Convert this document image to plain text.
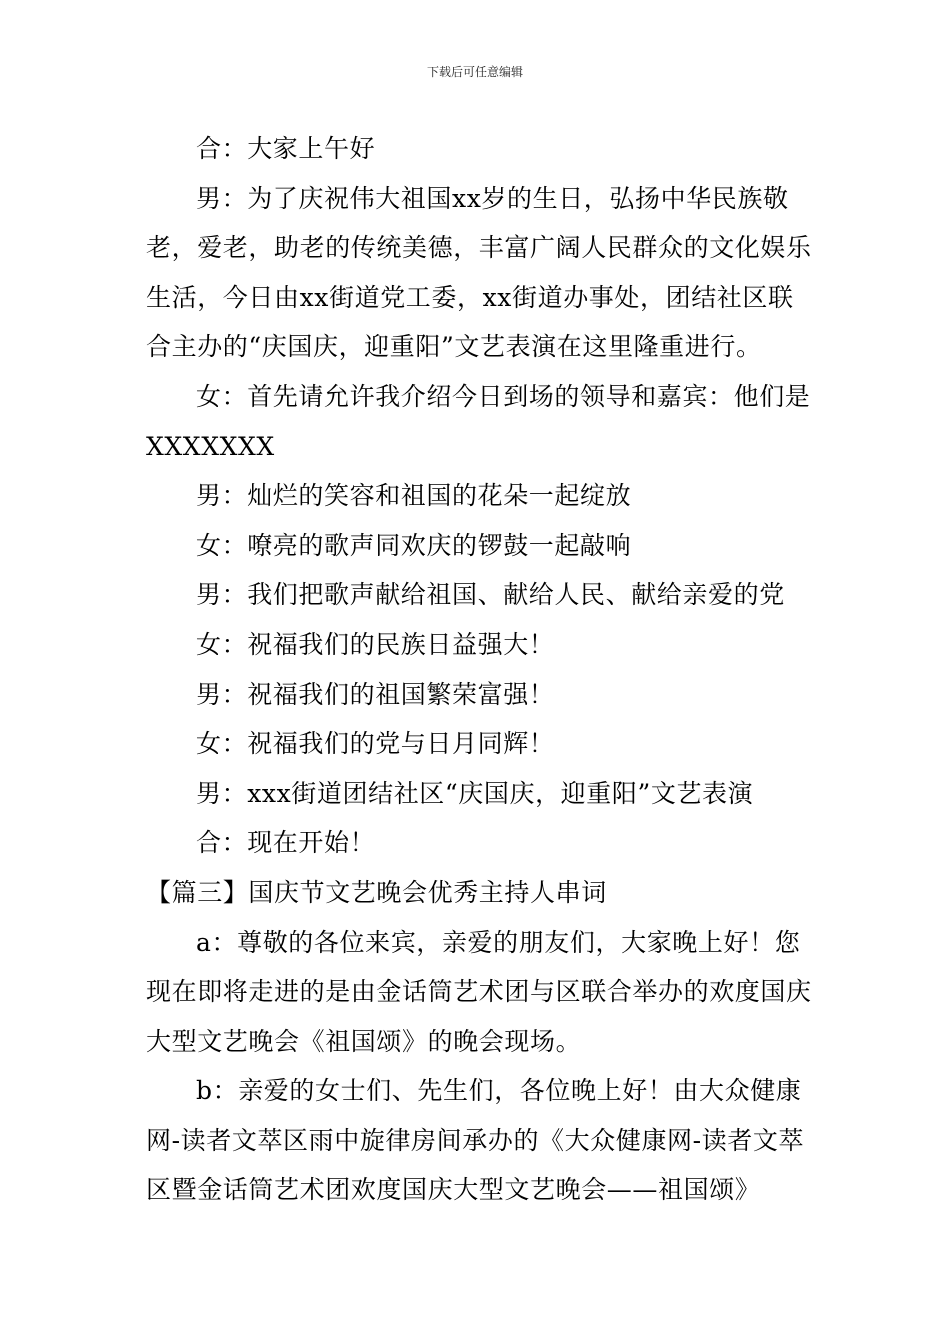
下载后可任意编辑

合：大家上午好

男：为了庆祝伟大祖国xx岁的生日，弘扬中华民族敬老，爱老，助老的传统美德，丰富广阔人民群众的文化娱乐生活，今日由xx街道党工委，xx街道办事处，团结社区联合主办的“庆国庆，迎重阳”文艺表演在这里隆重进行。

女：首先请允许我介绍今日到场的领导和嘉宾：他们是XXXXXXX

男：灿烂的笑容和祖国的花朵一起绽放

女：嘹亮的歌声同欢庆的锣鼓一起敲响

男：我们把歌声献给祖国、献给人民、献给亲爱的党

女：祝福我们的民族日益强大！

男：祝福我们的祖国繁荣富强！

女：祝福我们的党与日月同辉！

男：xxx街道团结社区“庆国庆，迎重阳”文艺表演

合：现在开始！

【篇三】国庆节文艺晚会优秀主持人串词

a：尊敬的各位来宾，亲爱的朋友们，大家晚上好！您现在即将走进的是由金话筒艺术团与区联合举办的欢度国庆大型文艺晚会《祖国颂》的晚会现场。

b：亲爱的女士们、先生们，各位晚上好！由大众健康网-读者文萃区雨中旋律房间承办的《大众健康网-读者文萃区暨金话筒艺术团欢度国庆大型文艺晚会——祖国颂》
